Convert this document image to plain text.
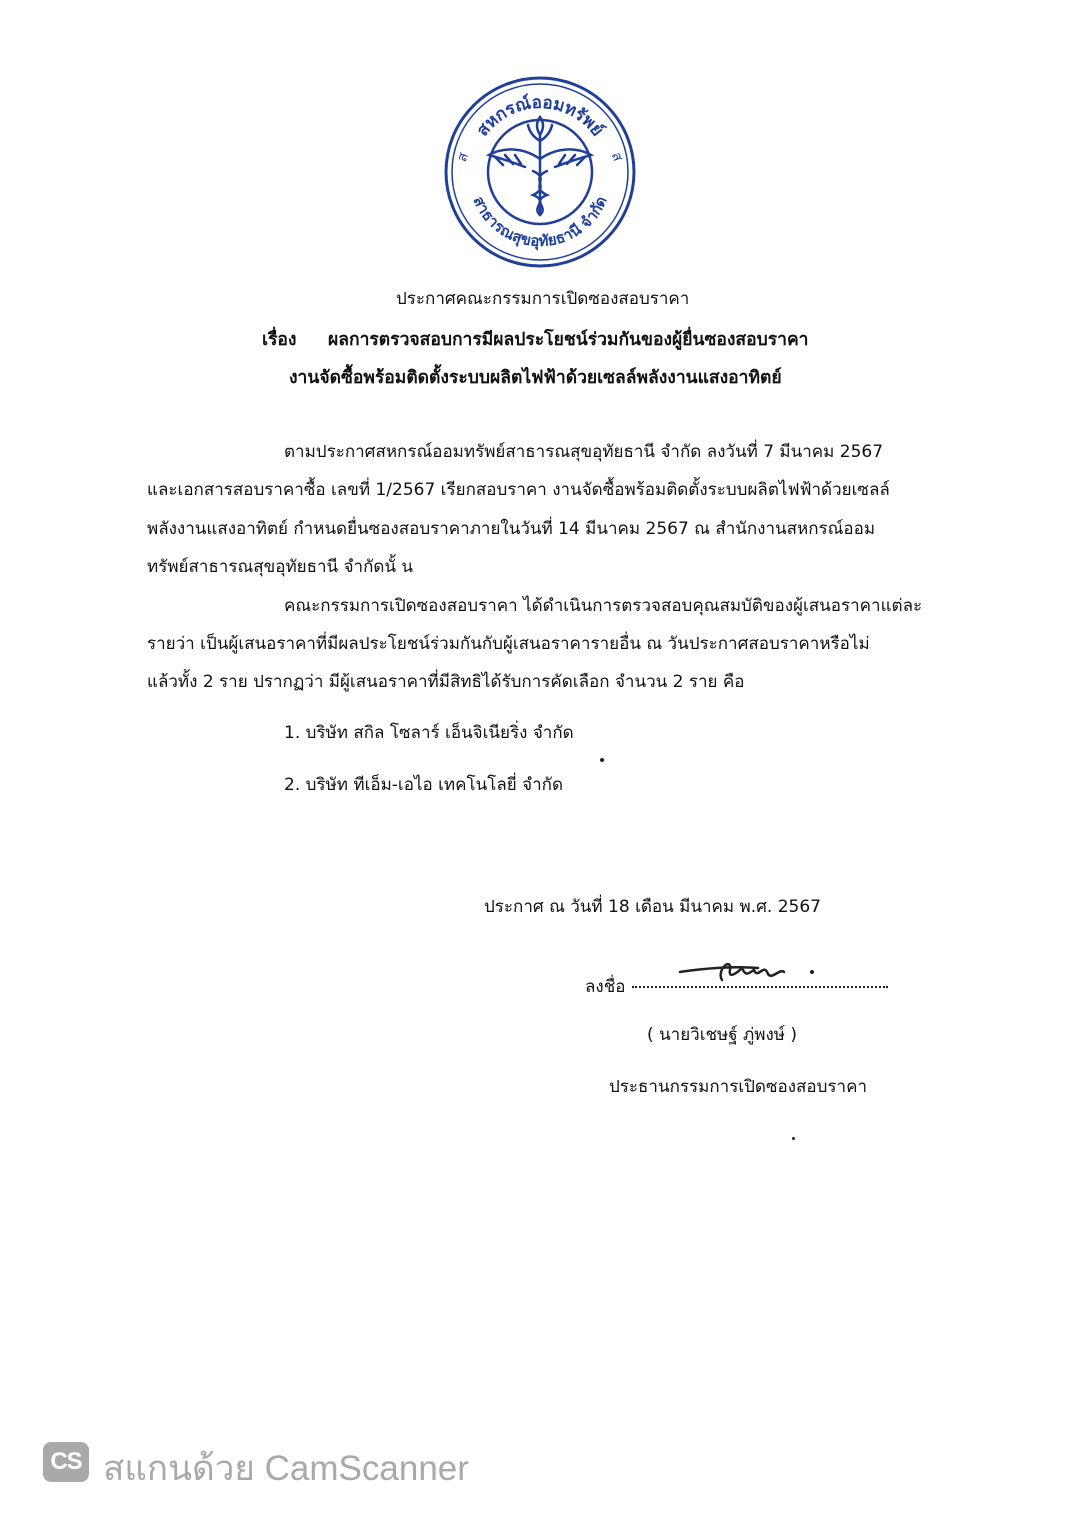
สหกรณ์ออมทรัพย์
สาธารณสุขอุทัยธานี จำกัด
ส	ส
ประกาศคณะกรรมการเปิดซองสอบราคา
เรื่อง ผลการตรวจสอบการมีผลประโยชน์ร่วมกันของผู้ยื่นซองสอบราคา
งานจัดซื้อพร้อมติดตั้งระบบผลิตไฟฟ้าด้วยเซลล์พลังงานแสงอาทิตย์
ตามประกาศสหกรณ์ออมทรัพย์สาธารณสุขอุทัยธานี จำกัด ลงวันที่ 7 มีนาคม 2567
และเอกสารสอบราคาซื้อ เลขที่ 1/2567 เรียกสอบราคา งานจัดซื้อพร้อมติดตั้งระบบผลิตไฟฟ้าด้วยเซลล์
พลังงานแสงอาทิตย์ กำหนดยื่นซองสอบราคาภายในวันที่ 14 มีนาคม 2567 ณ สำนักงานสหกรณ์ออม
ทรัพย์สาธารณสุขอุทัยธานี จำกัดนั้ น
คณะกรรมการเปิดซองสอบราคา ได้ดำเนินการตรวจสอบคุณสมบัติของผู้เสนอราคาแต่ละ
รายว่า เป็นผู้เสนอราคาที่มีผลประโยชน์ร่วมกันกับผู้เสนอราคารายอื่น ณ วันประกาศสอบราคาหรือไม่
แล้วทั้ง 2 ราย ปรากฏว่า มีผู้เสนอราคาที่มีสิทธิได้รับการคัดเลือก จำนวน 2 ราย คือ
1. บริษัท สกิล โซลาร์ เอ็นจิเนียริ่ง จำกัด
2. บริษัท ทีเอ็ม-เอไอ เทคโนโลยี่ จำกัด
ประกาศ ณ วันที่ 18 เดือน มีนาคม พ.ศ. 2567
ลงชื่อ
( นายวิเชษฐ์ ภู่พงษ์ )
ประธานกรรมการเปิดซองสอบราคา
CS สแกนด้วย CamScanner
